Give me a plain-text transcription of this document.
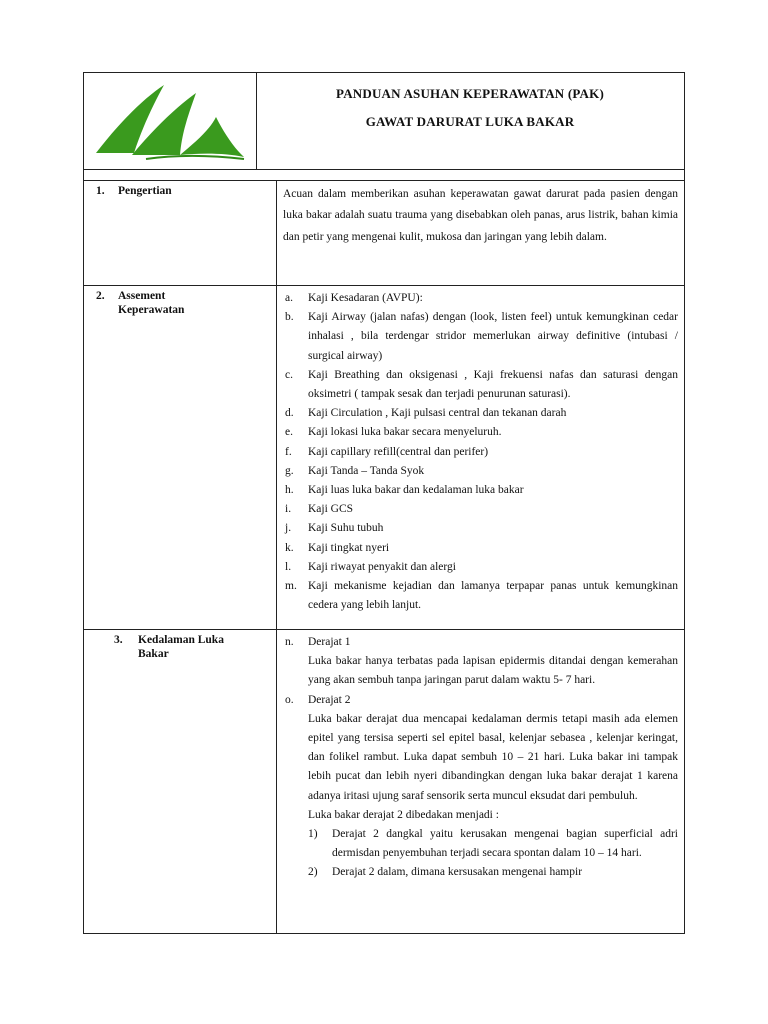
PANDUAN ASUHAN KEPERAWATAN (PAK)
GAWAT DARURAT LUKA BAKAR
1. Pengertian	Acuan dalam memberikan asuhan keperawatan gawat darurat pada pasien dengan luka bakar adalah suatu trauma yang disebabkan oleh panas, arus listrik, bahan kimia dan petir yang mengenai kulit, mukosa dan jaringan yang lebih dalam.
2. Assement
Keperawatan
a. Kaji Kesadaran (AVPU):
b. Kaji Airway (jalan nafas) dengan (look, listen feel) untuk kemungkinan cedar inhalasi , bila terdengar stridor memerlukan airway definitive (intubasi / surgical airway)
c. Kaji Breathing dan oksigenasi , Kaji frekuensi nafas dan saturasi dengan oksimetri ( tampak sesak dan terjadi penurunan saturasi).
d. Kaji Circulation , Kaji pulsasi central dan tekanan darah
e. Kaji lokasi luka bakar secara menyeluruh.
f. Kaji capillary refill(central dan perifer)
g. Kaji Tanda – Tanda Syok
h. Kaji luas luka bakar dan kedalaman luka bakar
i. Kaji GCS
j. Kaji Suhu tubuh
k. Kaji tingkat nyeri
l. Kaji riwayat penyakit dan alergi
m. Kaji mekanisme kejadian dan lamanya terpapar panas untuk kemungkinan cedera yang lebih lanjut.
3. Kedalaman Luka
Bakar
n. Derajat 1
Luka bakar hanya terbatas pada lapisan epidermis ditandai dengan kemerahan yang akan sembuh tanpa jaringan parut dalam waktu 5- 7 hari.
o. Derajat 2
Luka bakar derajat dua mencapai kedalaman dermis tetapi masih ada elemen epitel yang tersisa seperti sel epitel basal, kelenjar sebasea , kelenjar keringat, dan folikel rambut. Luka dapat sembuh 10 – 21 hari. Luka bakar ini tampak lebih pucat dan lebih nyeri dibandingkan dengan luka bakar derajat 1 karena adanya iritasi ujung saraf sensorik serta muncul eksudat dari pembuluh.
Luka bakar derajat 2 dibedakan menjadi :
1) Derajat 2 dangkal yaitu kerusakan mengenai bagian superficial adri dermisdan penyembuhan terjadi secara spontan dalam 10 – 14 hari.
2) Derajat 2 dalam, dimana kersusakan mengenai hampir
